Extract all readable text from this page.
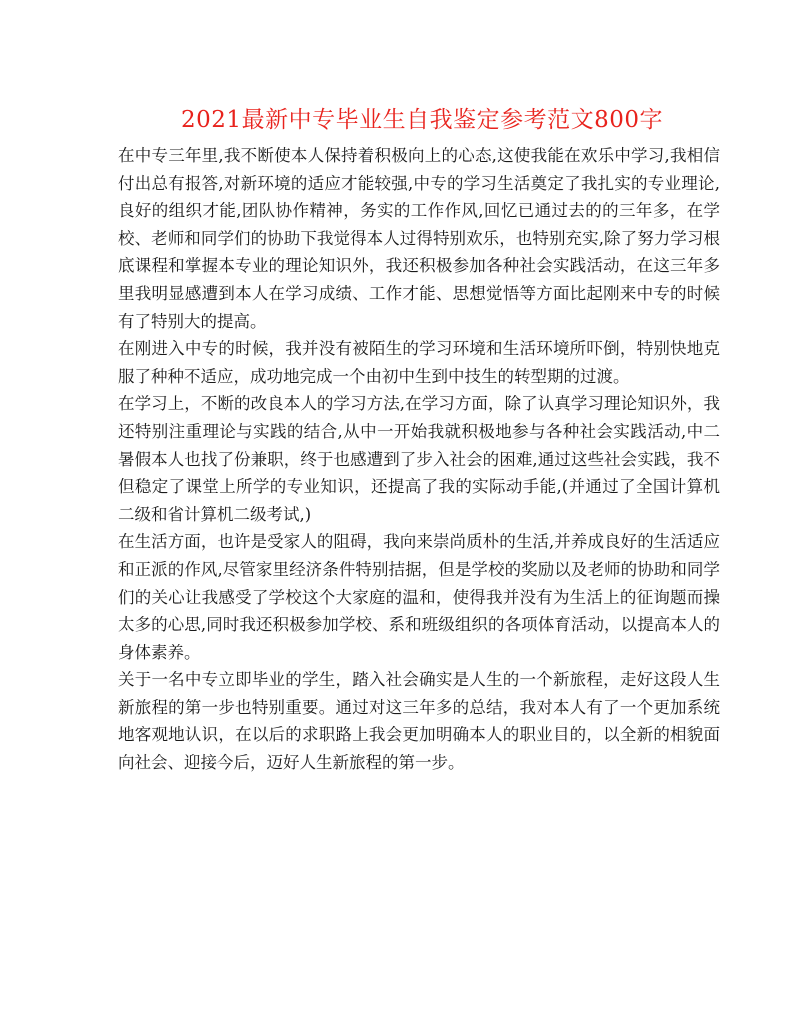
2021最新中专毕业生自我鉴定参考范文800字

在中专三年里,我不断使本人保持着积极向上的心态,这使我能在欢乐中学习,我相信付出总有报答,对新环境的适应才能较强,中专的学习生活奠定了我扎实的专业理论,良好的组织才能,团队协作精神，务实的工作作风,回忆已通过去的的三年多，在学校、老师和同学们的协助下我觉得本人过得特别欢乐，也特别充实,除了努力学习根底课程和掌握本专业的理论知识外，我还积极参加各种社会实践活动，在这三年多里我明显感遭到本人在学习成绩、工作才能、思想觉悟等方面比起刚来中专的时候有了特别大的提高。

在刚进入中专的时候，我并没有被陌生的学习环境和生活环境所吓倒，特别快地克服了种种不适应，成功地完成一个由初中生到中技生的转型期的过渡。

在学习上，不断的改良本人的学习方法,在学习方面，除了认真学习理论知识外，我还特别注重理论与实践的结合,从中一开始我就积极地参与各种社会实践活动,中二暑假本人也找了份兼职，终于也感遭到了步入社会的困难,通过这些社会实践，我不但稳定了课堂上所学的专业知识，还提高了我的实际动手能,(并通过了全国计算机二级和省计算机二级考试,)

在生活方面，也许是受家人的阻碍，我向来崇尚质朴的生活,并养成良好的生活适应和正派的作风,尽管家里经济条件特别拮据，但是学校的奖励以及老师的协助和同学们的关心让我感受了学校这个大家庭的温和，使得我并没有为生活上的征询题而操太多的心思,同时我还积极参加学校、系和班级组织的各项体育活动，以提高本人的身体素养。

关于一名中专立即毕业的学生，踏入社会确实是人生的一个新旅程，走好这段人生新旅程的第一步也特别重要。通过对这三年多的总结，我对本人有了一个更加系统地客观地认识，在以后的求职路上我会更加明确本人的职业目的，以全新的相貌面向社会、迎接今后，迈好人生新旅程的第一步。
